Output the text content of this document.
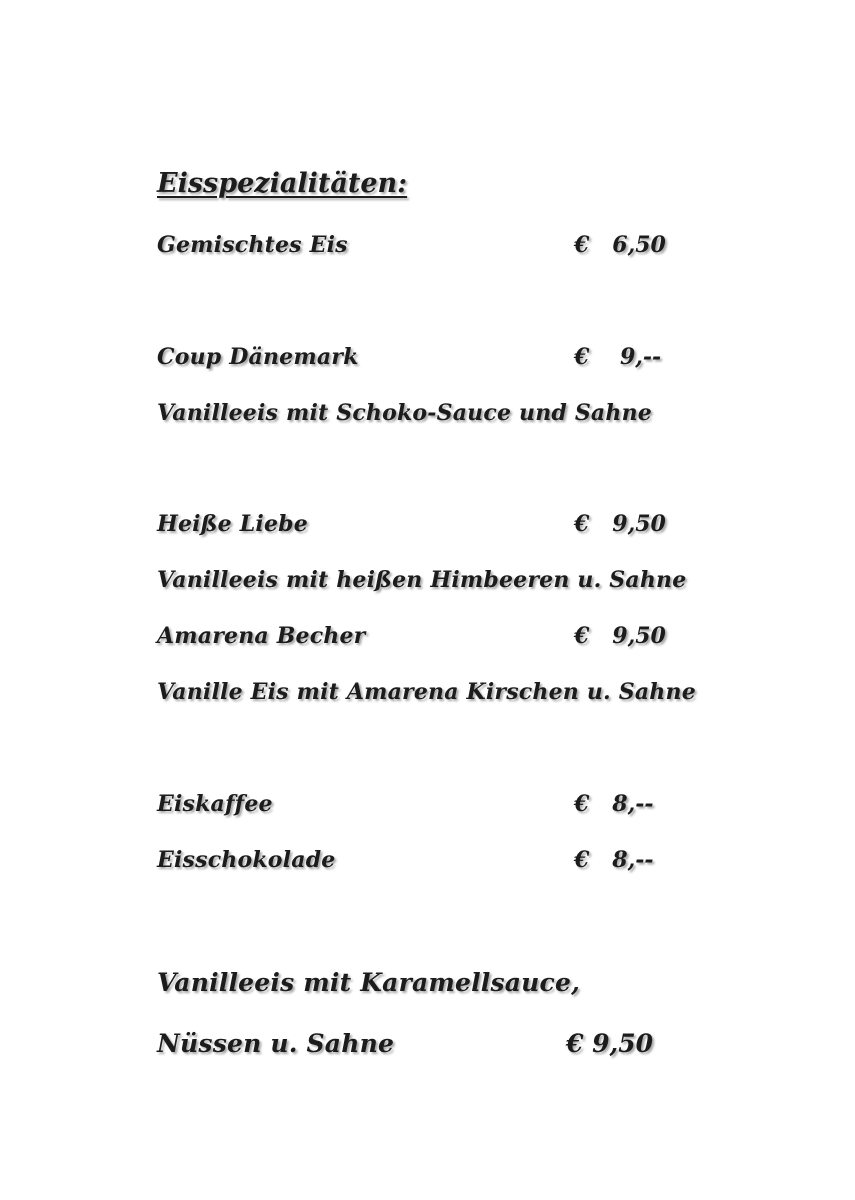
Eisspezialitäten:
Gemischtes Eis	€   6,50
Coup Dänemark	€    9,--
Vanilleeis mit Schoko-Sauce und Sahne
Heiße Liebe	€   9,50
Vanilleeis mit heißen Himbeeren u. Sahne
Amarena Becher	€   9,50
Vanille Eis mit Amarena Kirschen u. Sahne
Eiskaffee	€   8,--
Eisschokolade	€   8,--
Vanilleeis mit Karamellsauce,
Nüssen u. Sahne	€ 9,50
